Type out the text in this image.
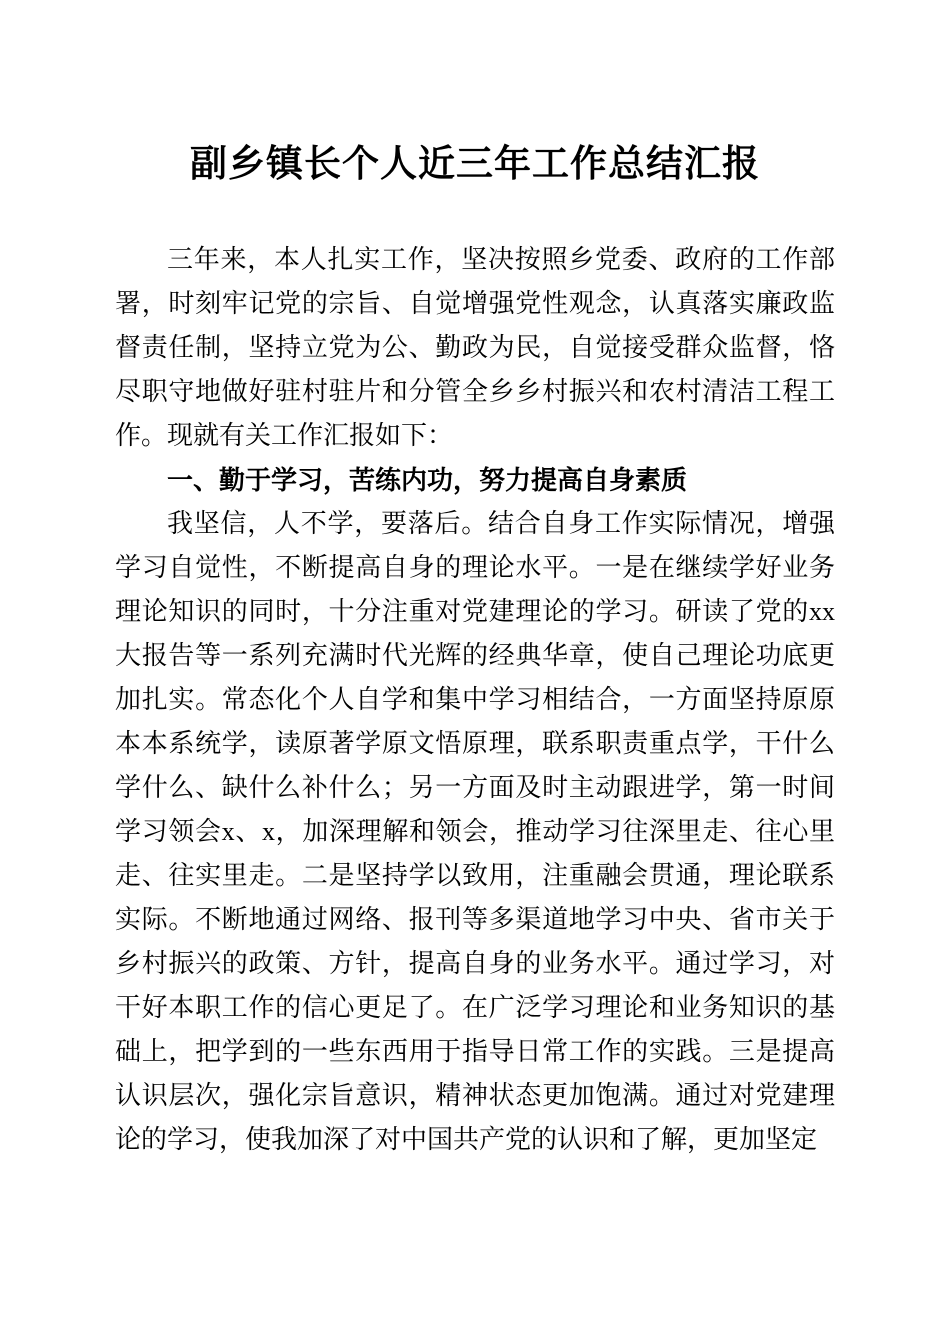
副乡镇长个人近三年工作总结汇报

三年来，本人扎实工作，坚决按照乡党委、政府的工作部署，时刻牢记党的宗旨、自觉增强党性观念，认真落实廉政监督责任制，坚持立党为公、勤政为民，自觉接受群众监督，恪尽职守地做好驻村驻片和分管全乡乡村振兴和农村清洁工程工作。现就有关工作汇报如下：

一、勤于学习，苦练内功，努力提高自身素质

我坚信，人不学，要落后。结合自身工作实际情况，增强学习自觉性，不断提高自身的理论水平。一是在继续学好业务理论知识的同时，十分注重对党建理论的学习。研读了党的xx大报告等一系列充满时代光辉的经典华章，使自己理论功底更加扎实。常态化个人自学和集中学习相结合，一方面坚持原原本本系统学，读原著学原文悟原理，联系职责重点学，干什么学什么、缺什么补什么；另一方面及时主动跟进学，第一时间学习领会x、x，加深理解和领会，推动学习往深里走、往心里走、往实里走。二是坚持学以致用，注重融会贯通，理论联系实际。不断地通过网络、报刊等多渠道地学习中央、省市关于乡村振兴的政策、方针，提高自身的业务水平。通过学习，对干好本职工作的信心更足了。在广泛学习理论和业务知识的基础上，把学到的一些东西用于指导日常工作的实践。三是提高认识层次，强化宗旨意识，精神状态更加饱满。通过对党建理论的学习，使我加深了对中国共产党的认识和了解，更加坚定
